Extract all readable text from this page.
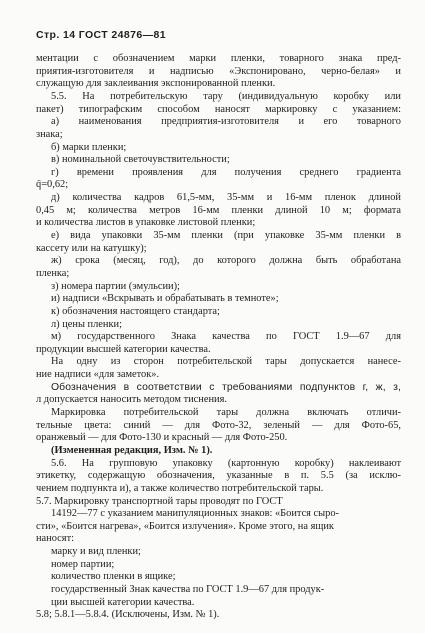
Стр. 14 ГОСТ 24876—81
ментации с обозначением марки пленки, товарного знака пред-
приятия-изготовителя и надписью «Экспонировано, черно-белая» и
служащую для заклеивания экспонированной пленки.
5.5. На потребительскую тару (индивидуальную коробку или
пакет) типографским способом наносят маркировку с указанием:
а) наименования предприятия-изготовителя и его товарного
знака;
б) марки пленки;
в) номинальной светочувствительности;
г) времени проявления для получения среднего градиента
q̄=0,62;
д) количества кадров 61,5-мм, 35-мм и 16-мм пленок длиной
0,45 м; количества метров 16-мм пленки длиной 10 м; формата
и количества листов в упаковке листовой пленки;
е) вида упаковки 35-мм пленки (при упаковке 35-мм пленки в
кассету или на катушку);
ж) срока (месяц, год), до которого должна быть обработана
пленка;
з) номера партии (эмульсии);
и) надписи «Вскрывать и обрабатывать в темноте»;
к) обозначения настоящего стандарта;
л) цены пленки;
м) государственного Знака качества по ГОСТ 1.9—67 для
продукции высшей категории качества.
На одну из сторон потребительской тары допускается нанесе-
ние надписи «для заметок».
Обозначения в соответствии с требованиями подпунктов г, ж, з,
л допускается наносить методом тиснения.
Маркировка потребительской тары должна включать отличи-
тельные цвета: синий — для Фото-32, зеленый — для Фото-65,
оранжевый — для Фото-130 и красный — для Фото-250.
(Измененная редакция, Изм. № 1).
5.6. На групповую упаковку (картонную коробку) наклеивают
этикетку, содержащую обозначения, указанные в п. 5.5 (за исклю-
чением подпункта и), а также количество потребительской тары.
5.7. Маркировку транспортной тары проводят по ГОСТ
14192—77 с указанием манипуляционных знаков: «Боится сыро-
сти», «Боится нагрева», «Боится излучения». Кроме этого, на ящик
наносят:
марку и вид пленки;
номер партии;
количество пленки в ящике;
государственный Знак качества по ГОСТ 1.9—67 для продук-
ции высшей категории качества.
5.8; 5.8.1—5.8.4. (Исключены, Изм. № 1).
